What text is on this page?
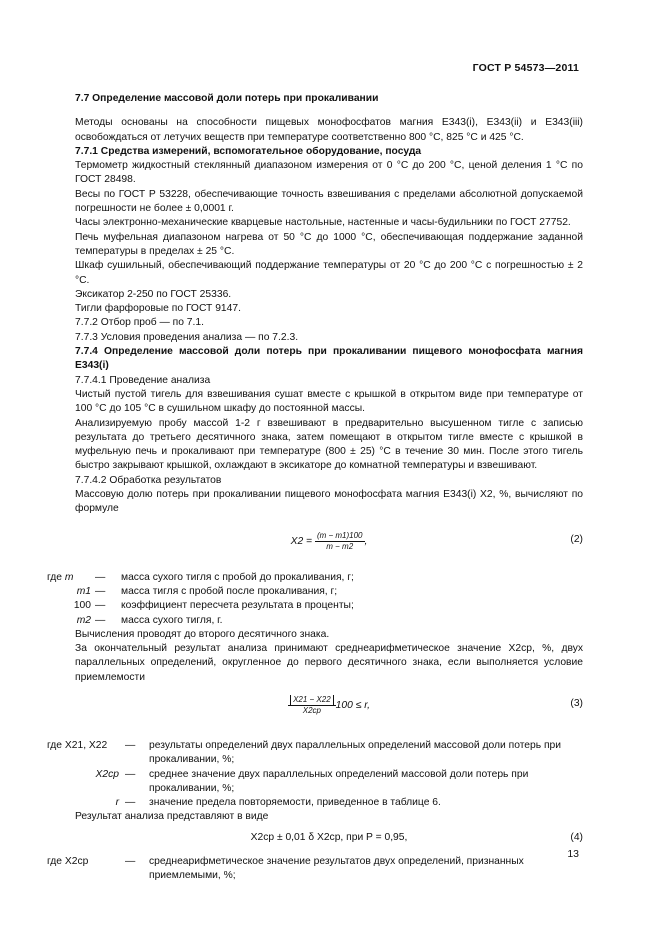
ГОСТ Р 54573—2011

7.7 Определение массовой доли потерь при прокаливании

Методы основаны на способности пищевых монофосфатов магния Е343(i), Е343(ii) и Е343(iii) освобождаться от летучих веществ при температуре соответственно 800 °С, 825 °С и 425 °С.

7.7.1 Средства измерений, вспомогательное оборудование, посуда

Термометр жидкостный стеклянный диапазоном измерения от 0 °С до 200 °С, ценой деления 1 °С по ГОСТ 28498.

Весы по ГОСТ Р 53228, обеспечивающие точность взвешивания с пределами абсолютной допускаемой погрешности не более ± 0,0001 г.

Часы электронно-механические кварцевые настольные, настенные и часы-будильники по ГОСТ 27752.

Печь муфельная диапазоном нагрева от 50 °С до 1000 °С, обеспечивающая поддержание заданной температуры в пределах ± 25 °С.

Шкаф сушильный, обеспечивающий поддержание температуры от 20 °С до 200 °С с погрешностью ± 2 °С.

Эксикатор 2-250 по ГОСТ 25336.

Тигли фарфоровые по ГОСТ 9147.

7.7.2 Отбор проб — по 7.1.

7.7.3 Условия проведения анализа — по 7.2.3.

7.7.4 Определение массовой доли потерь при прокаливании пищевого монофосфата магния Е343(i)

7.7.4.1 Проведение анализа

Чистый пустой тигель для взвешивания сушат вместе с крышкой в открытом виде при температуре от 100 °С до 105 °С в сушильном шкафу до постоянной массы.

Анализируемую пробу массой 1-2 г взвешивают в предварительно высушенном тигле с записью результата до третьего десятичного знака, затем помещают в открытом тигле вместе с крышкой в муфельную печь и прокаливают при температуре (800 ± 25) °С в течение 30 мин. После этого тигель быстро закрывают крышкой, охлаждают в эксикаторе до комнатной температуры и взвешивают.

7.7.4.2 Обработка результатов

Массовую долю потерь при прокаливании пищевого монофосфата магния Е343(i) X2, %, вычисляют по формуле

$X2 = \frac{(m - m1)100}{m - m2}$ ,	(2)
где m	—	масса сухого тигля с пробой до прокаливания, г;
m1 —	масса тигля с пробой после прокаливания, г;
100 —	коэффициент пересчета результата в проценты;
m2 —	масса сухого тигля, г.

Вычисления проводят до второго десятичного знака.

За окончательный результат анализа принимают среднеарифметическое значение X2ср, %, двух параллельных определений, округленное до первого десятичного знака, если выполняется условие приемлемости

$\frac{X21 - X22}{X2ср} 100 \le r$,	(3)
где X21, X22	—	результаты определений двух параллельных определений массовой доли потерь при прокаливании, %;
X2ср —	среднее значение двух параллельных определений массовой доли потерь при прокаливании, %;
r —	значение предела повторяемости, приведенное в таблице 6.

Результат анализа представляют в виде

X2ср ± 0,01 δ X2ср, при P = 0,95,	(4)
где X2ср	—	среднеарифметическое значение результатов двух определений, признанных приемлемыми, %;
13
